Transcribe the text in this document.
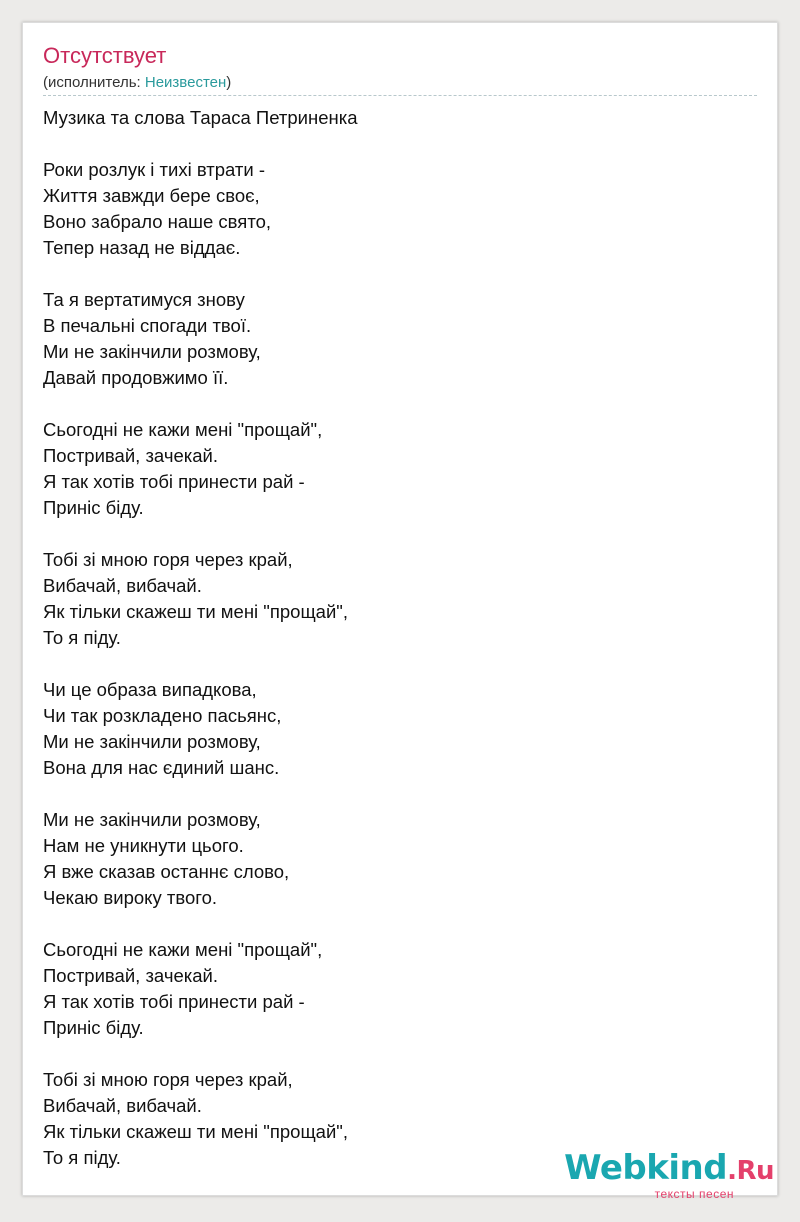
Отсутствует
(исполнитель: Неизвестен)
Музика та слова Тараса Петриненка
Роки розлук і тихі втрати -
Життя завжди бере своє,
Воно забрало наше свято,
Тепер назад не віддає.
Та я вертатимуся знову
В печальні спогади твої.
Ми не закінчили розмову,
Давай продовжимо її.
Сьогодні не кажи мені "прощай",
Постривай, зачекай.
Я так хотів тобі принести рай -
Приніс біду.
Тобі зі мною горя через край,
Вибачай, вибачай.
Як тільки скажеш ти мені "прощай",
То я піду.
Чи це образа випадкова,
Чи так розкладено пасьянс,
Ми не закінчили розмову,
Вона для нас єдиний шанс.
Ми не закінчили розмову,
Нам не уникнути цього.
Я вже сказав останнє слово,
Чекаю вироку твого.
Сьогодні не кажи мені "прощай",
Постривай, зачекай.
Я так хотів тобі принести рай -
Приніс біду.
Тобі зі мною горя через край,
Вибачай, вибачай.
Як тільки скажеш ти мені "прощай",
То я піду.	Webkind.Ru
тексты песен
